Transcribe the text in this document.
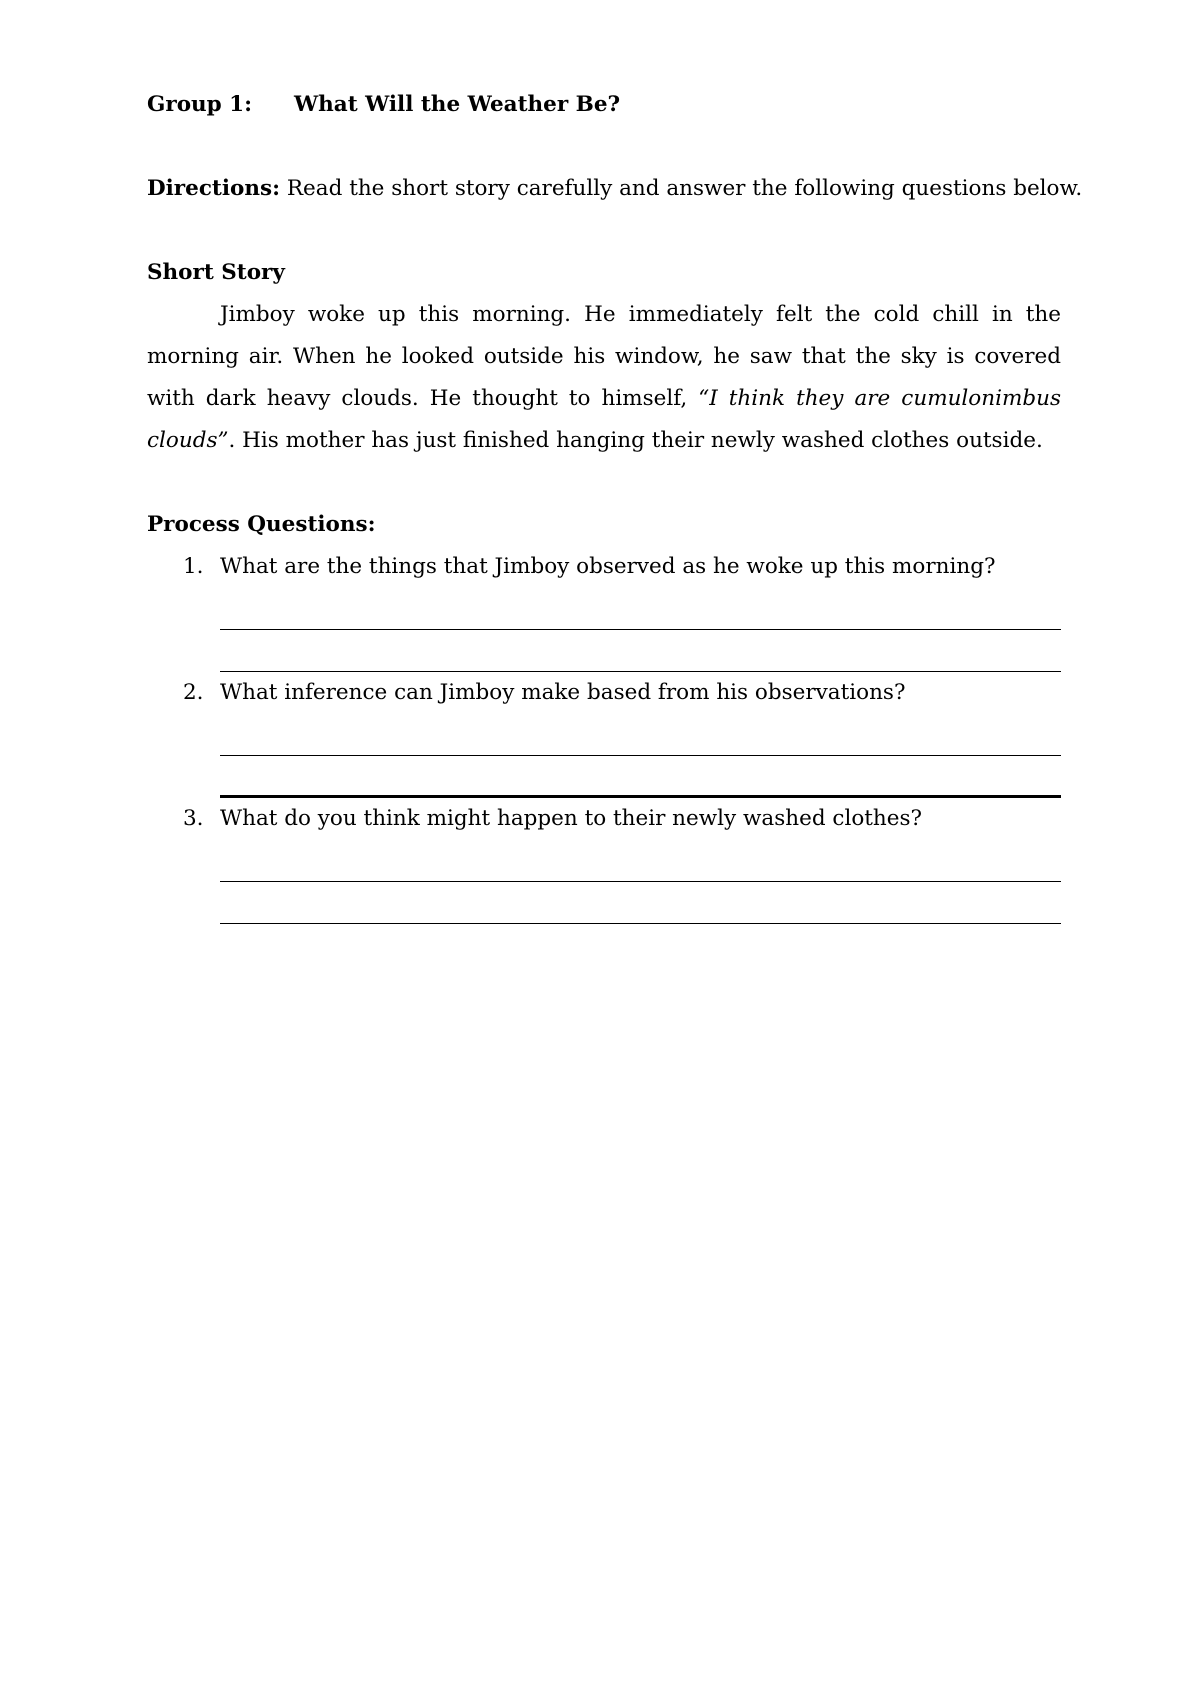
Group 1: What Will the Weather Be?
Directions: Read the short story carefully and answer the following questions below.
Short Story
Jimboy woke up this morning. He immediately felt the cold chill in the morning air. When he looked outside his window, he saw that the sky is covered with dark heavy clouds. He thought to himself, “I think they are cumulonimbus clouds”. His mother has just finished hanging their newly washed clothes outside.
Process Questions:
1. What are the things that Jimboy observed as he woke up this morning?
2. What inference can Jimboy make based from his observations?
3. What do you think might happen to their newly washed clothes?
